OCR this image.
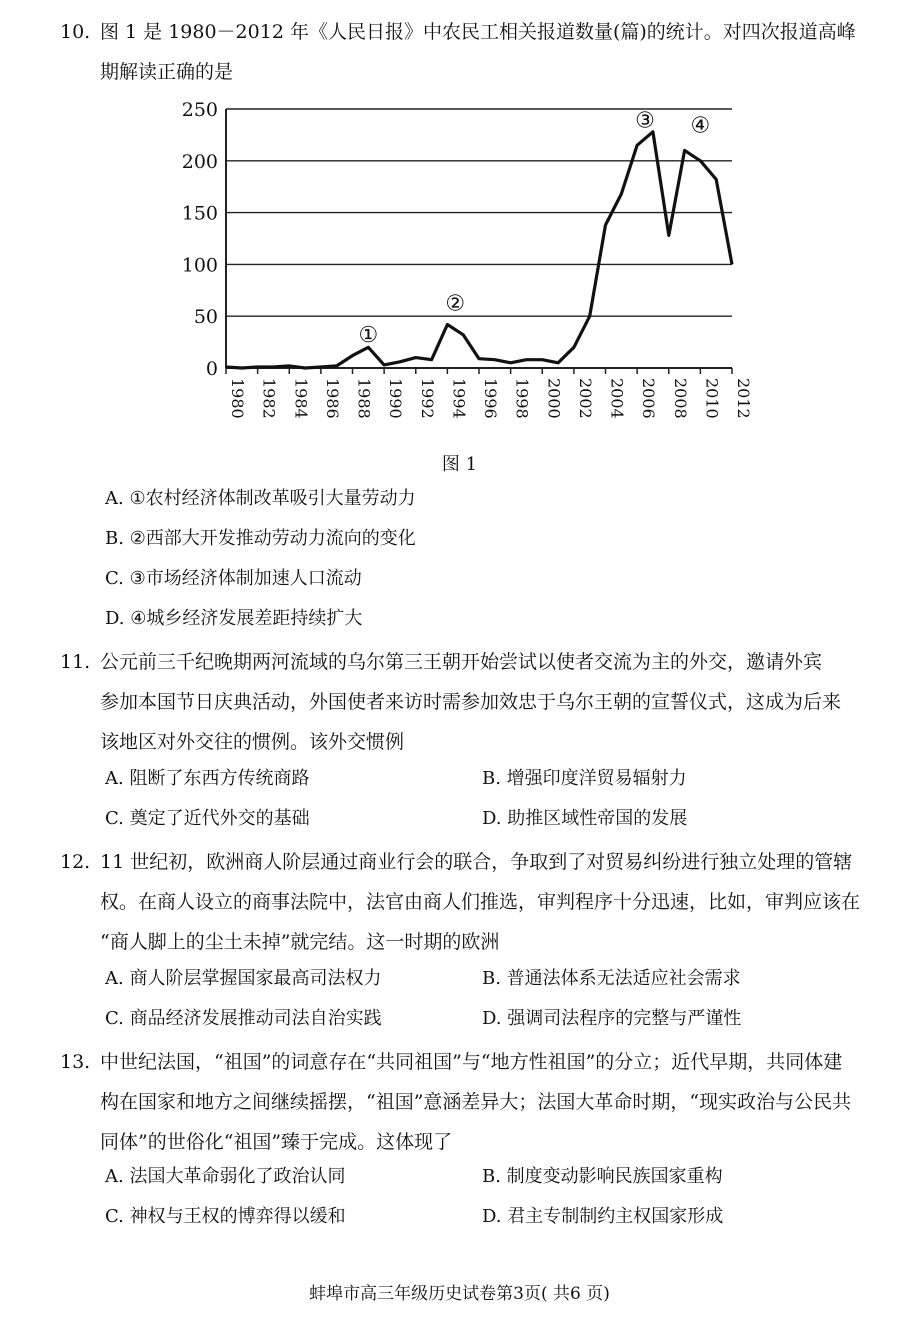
10. 图 1 是 1980－2012 年《人民日报》中农民工相关报道数量(篇)的统计。对四次报道高峰
期解读正确的是
0
50
100
150
200
250
1980 1982 1984 1986 1988 1990 1992 1994 1996 1998 2000 2002 2004 2006 2008 2010 2012
①
②
③ ④
图 1
A. ①农村经济体制改革吸引大量劳动力
B. ②西部大开发推动劳动力流向的变化
C. ③市场经济体制加速人口流动
D. ④城乡经济发展差距持续扩大
11. 公元前三千纪晚期两河流域的乌尔第三王朝开始尝试以使者交流为主的外交，邀请外宾
参加本国节日庆典活动，外国使者来访时需参加效忠于乌尔王朝的宣誓仪式，这成为后来
该地区对外交往的惯例。该外交惯例
A. 阻断了东西方传统商路	B. 增强印度洋贸易辐射力
C. 奠定了近代外交的基础	D. 助推区域性帝国的发展
12. 11 世纪初，欧洲商人阶层通过商业行会的联合，争取到了对贸易纠纷进行独立处理的管辖
权。在商人设立的商事法院中，法官由商人们推选，审判程序十分迅速，比如，审判应该在
“商人脚上的尘土未掉”就完结。这一时期的欧洲
A. 商人阶层掌握国家最高司法权力	B. 普通法体系无法适应社会需求
C. 商品经济发展推动司法自治实践	D. 强调司法程序的完整与严谨性
13. 中世纪法国，“祖国”的词意存在“共同祖国”与“地方性祖国”的分立；近代早期，共同体建
构在国家和地方之间继续摇摆，“祖国”意涵差异大；法国大革命时期，“现实政治与公民共
同体”的世俗化“祖国”臻于完成。这体现了
A. 法国大革命弱化了政治认同	B. 制度变动影响民族国家重构
C. 神权与王权的博弈得以缓和	D. 君主专制制约主权国家形成
蚌埠市高三年级历史试卷第3页( 共6 页)
